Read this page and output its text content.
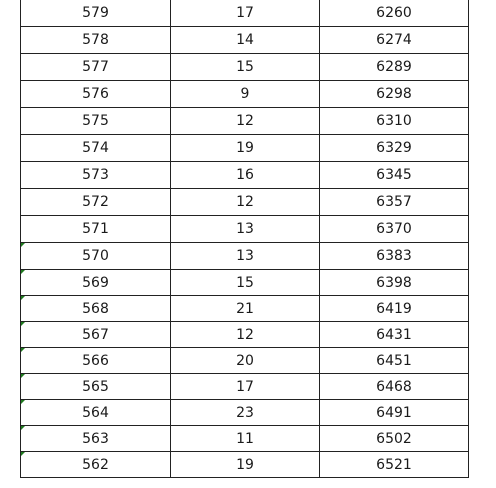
579	17	6260
578	14	6274
577	15	6289
576	9	6298
575	12	6310
574	19	6329
573	16	6345
572	12	6357
571	13	6370

570	13	6383

569	15	6398

568	21	6419

567	12	6431

566	20	6451

565	17	6468

564	23	6491

563	11	6502

562	19	6521
